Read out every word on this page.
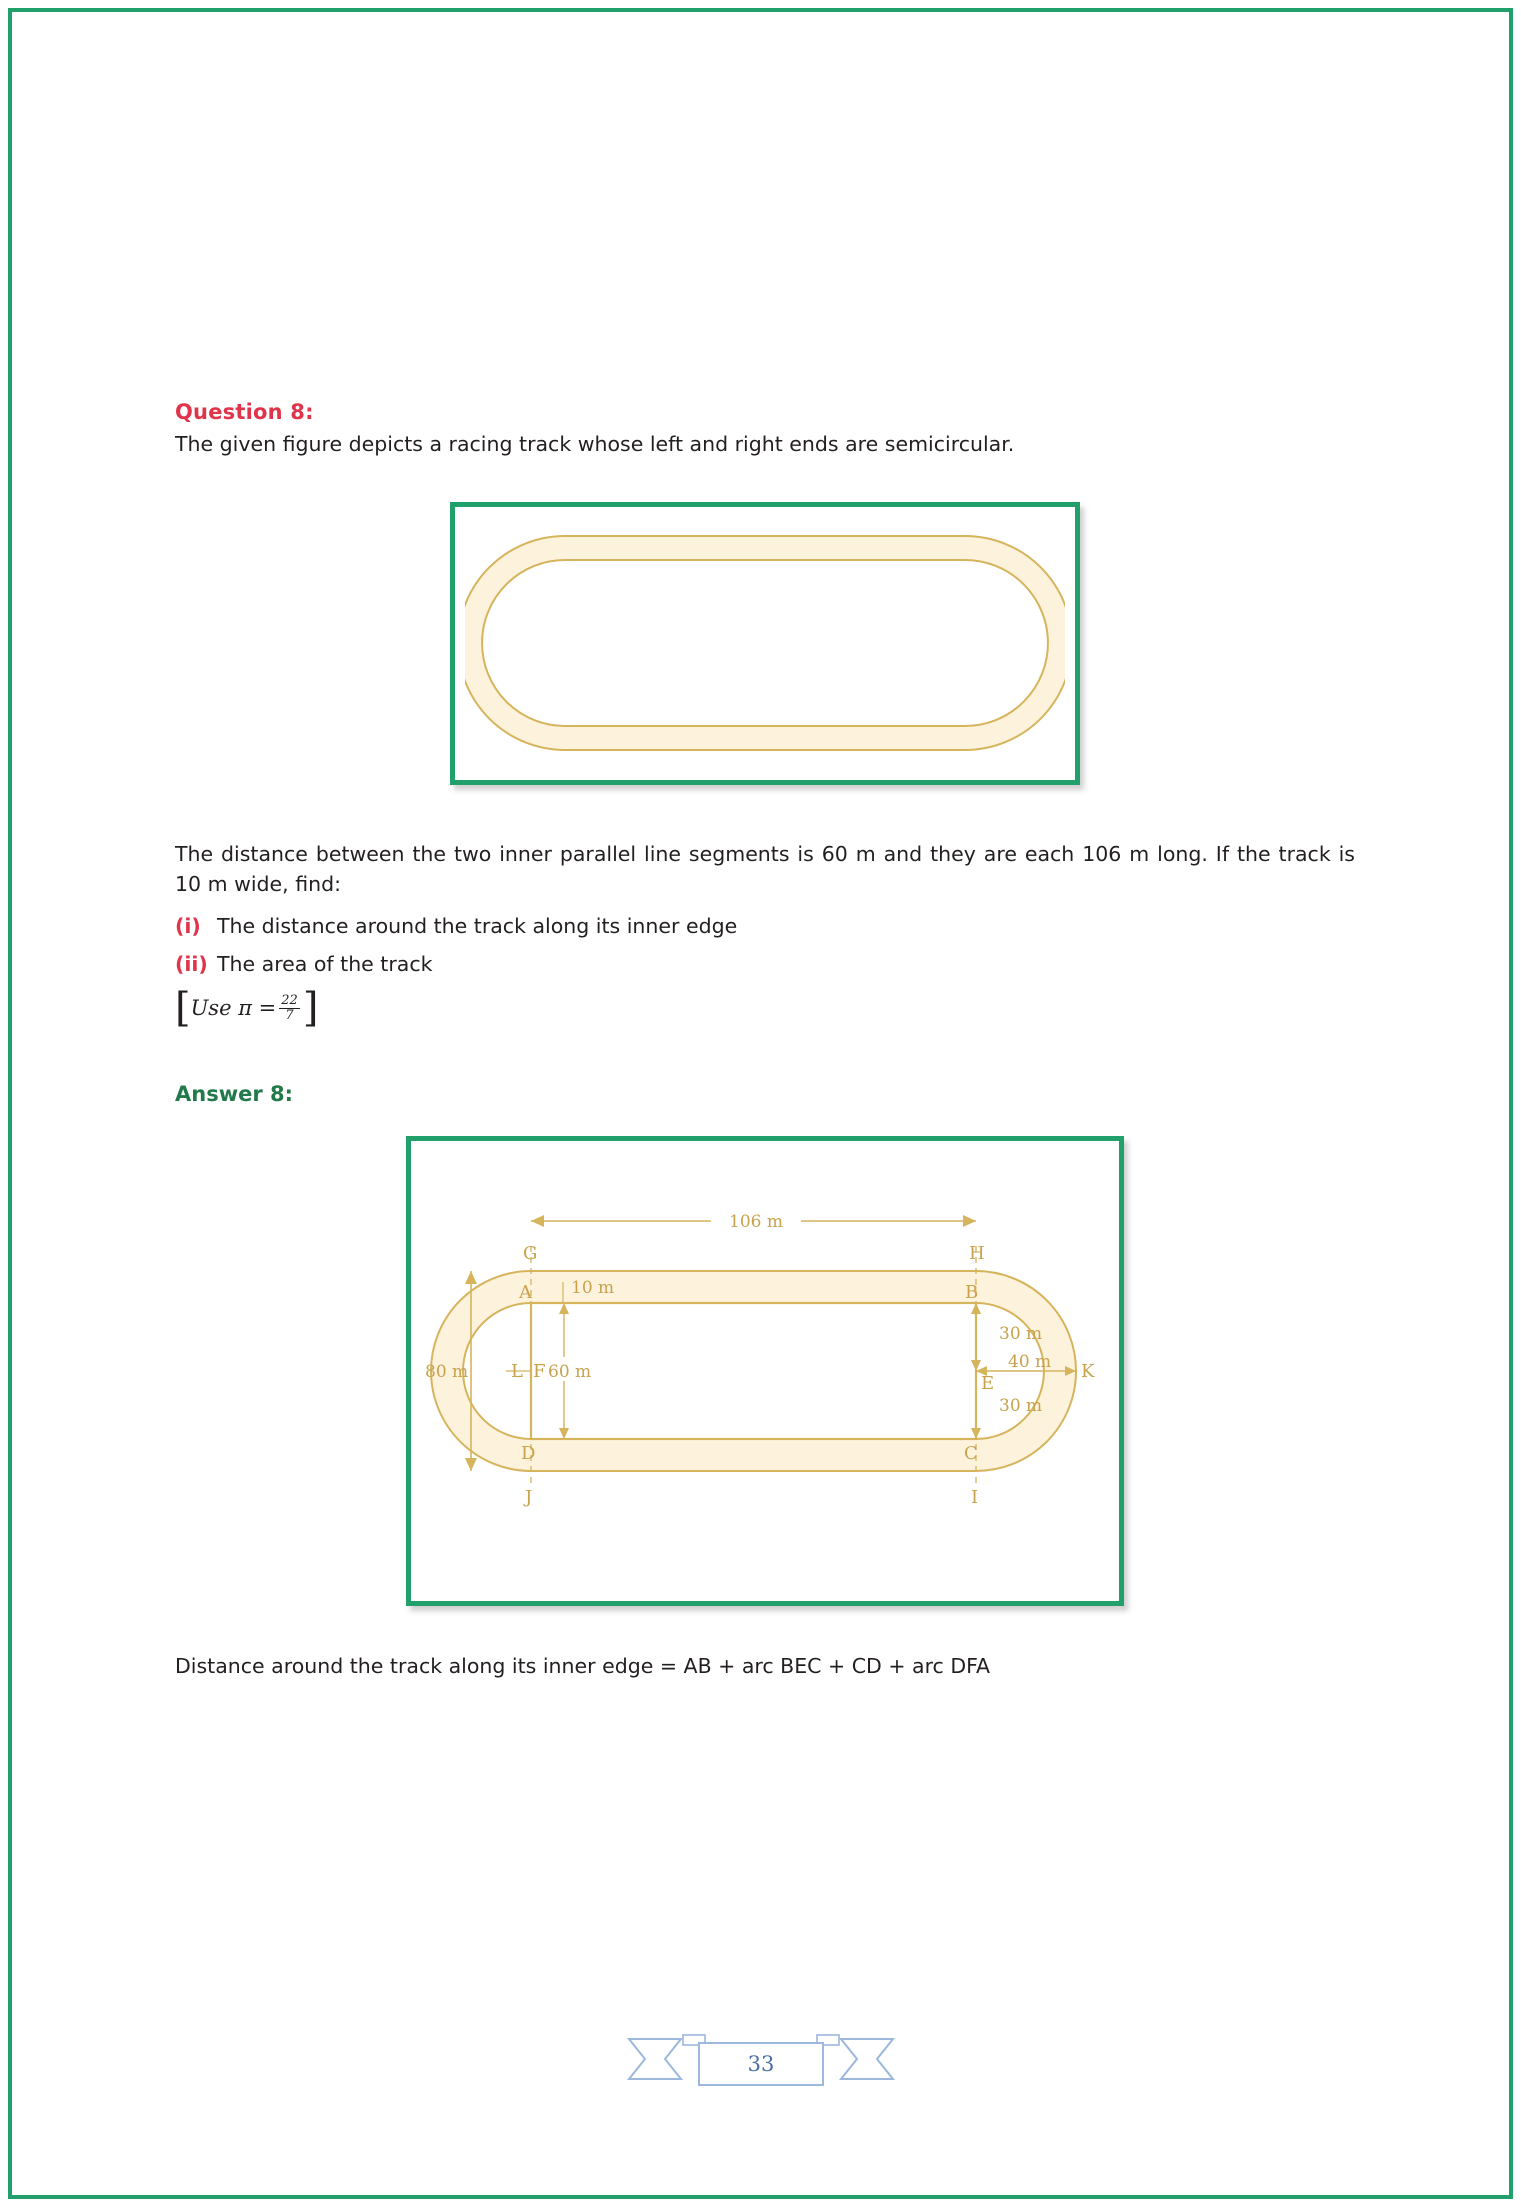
Question 8:
The given figure depicts a racing track whose left and right ends are semicircular.
The distance between the two inner parallel line segments is 60 m and they are each 106 m long. If the track is 10 m wide, find:
(i) The distance around the track along its inner edge
(ii) The area of the track
[ Use $\pi = \frac{22}{7}$ ]
Answer 8:
106 m
80 m	60 m
10 m
30 m
30 m
40 m
A	B
C
D
E
F
G	H
I
J
K
L
Distance around the track along its inner edge = AB + arc BEC + CD + arc DFA
33
